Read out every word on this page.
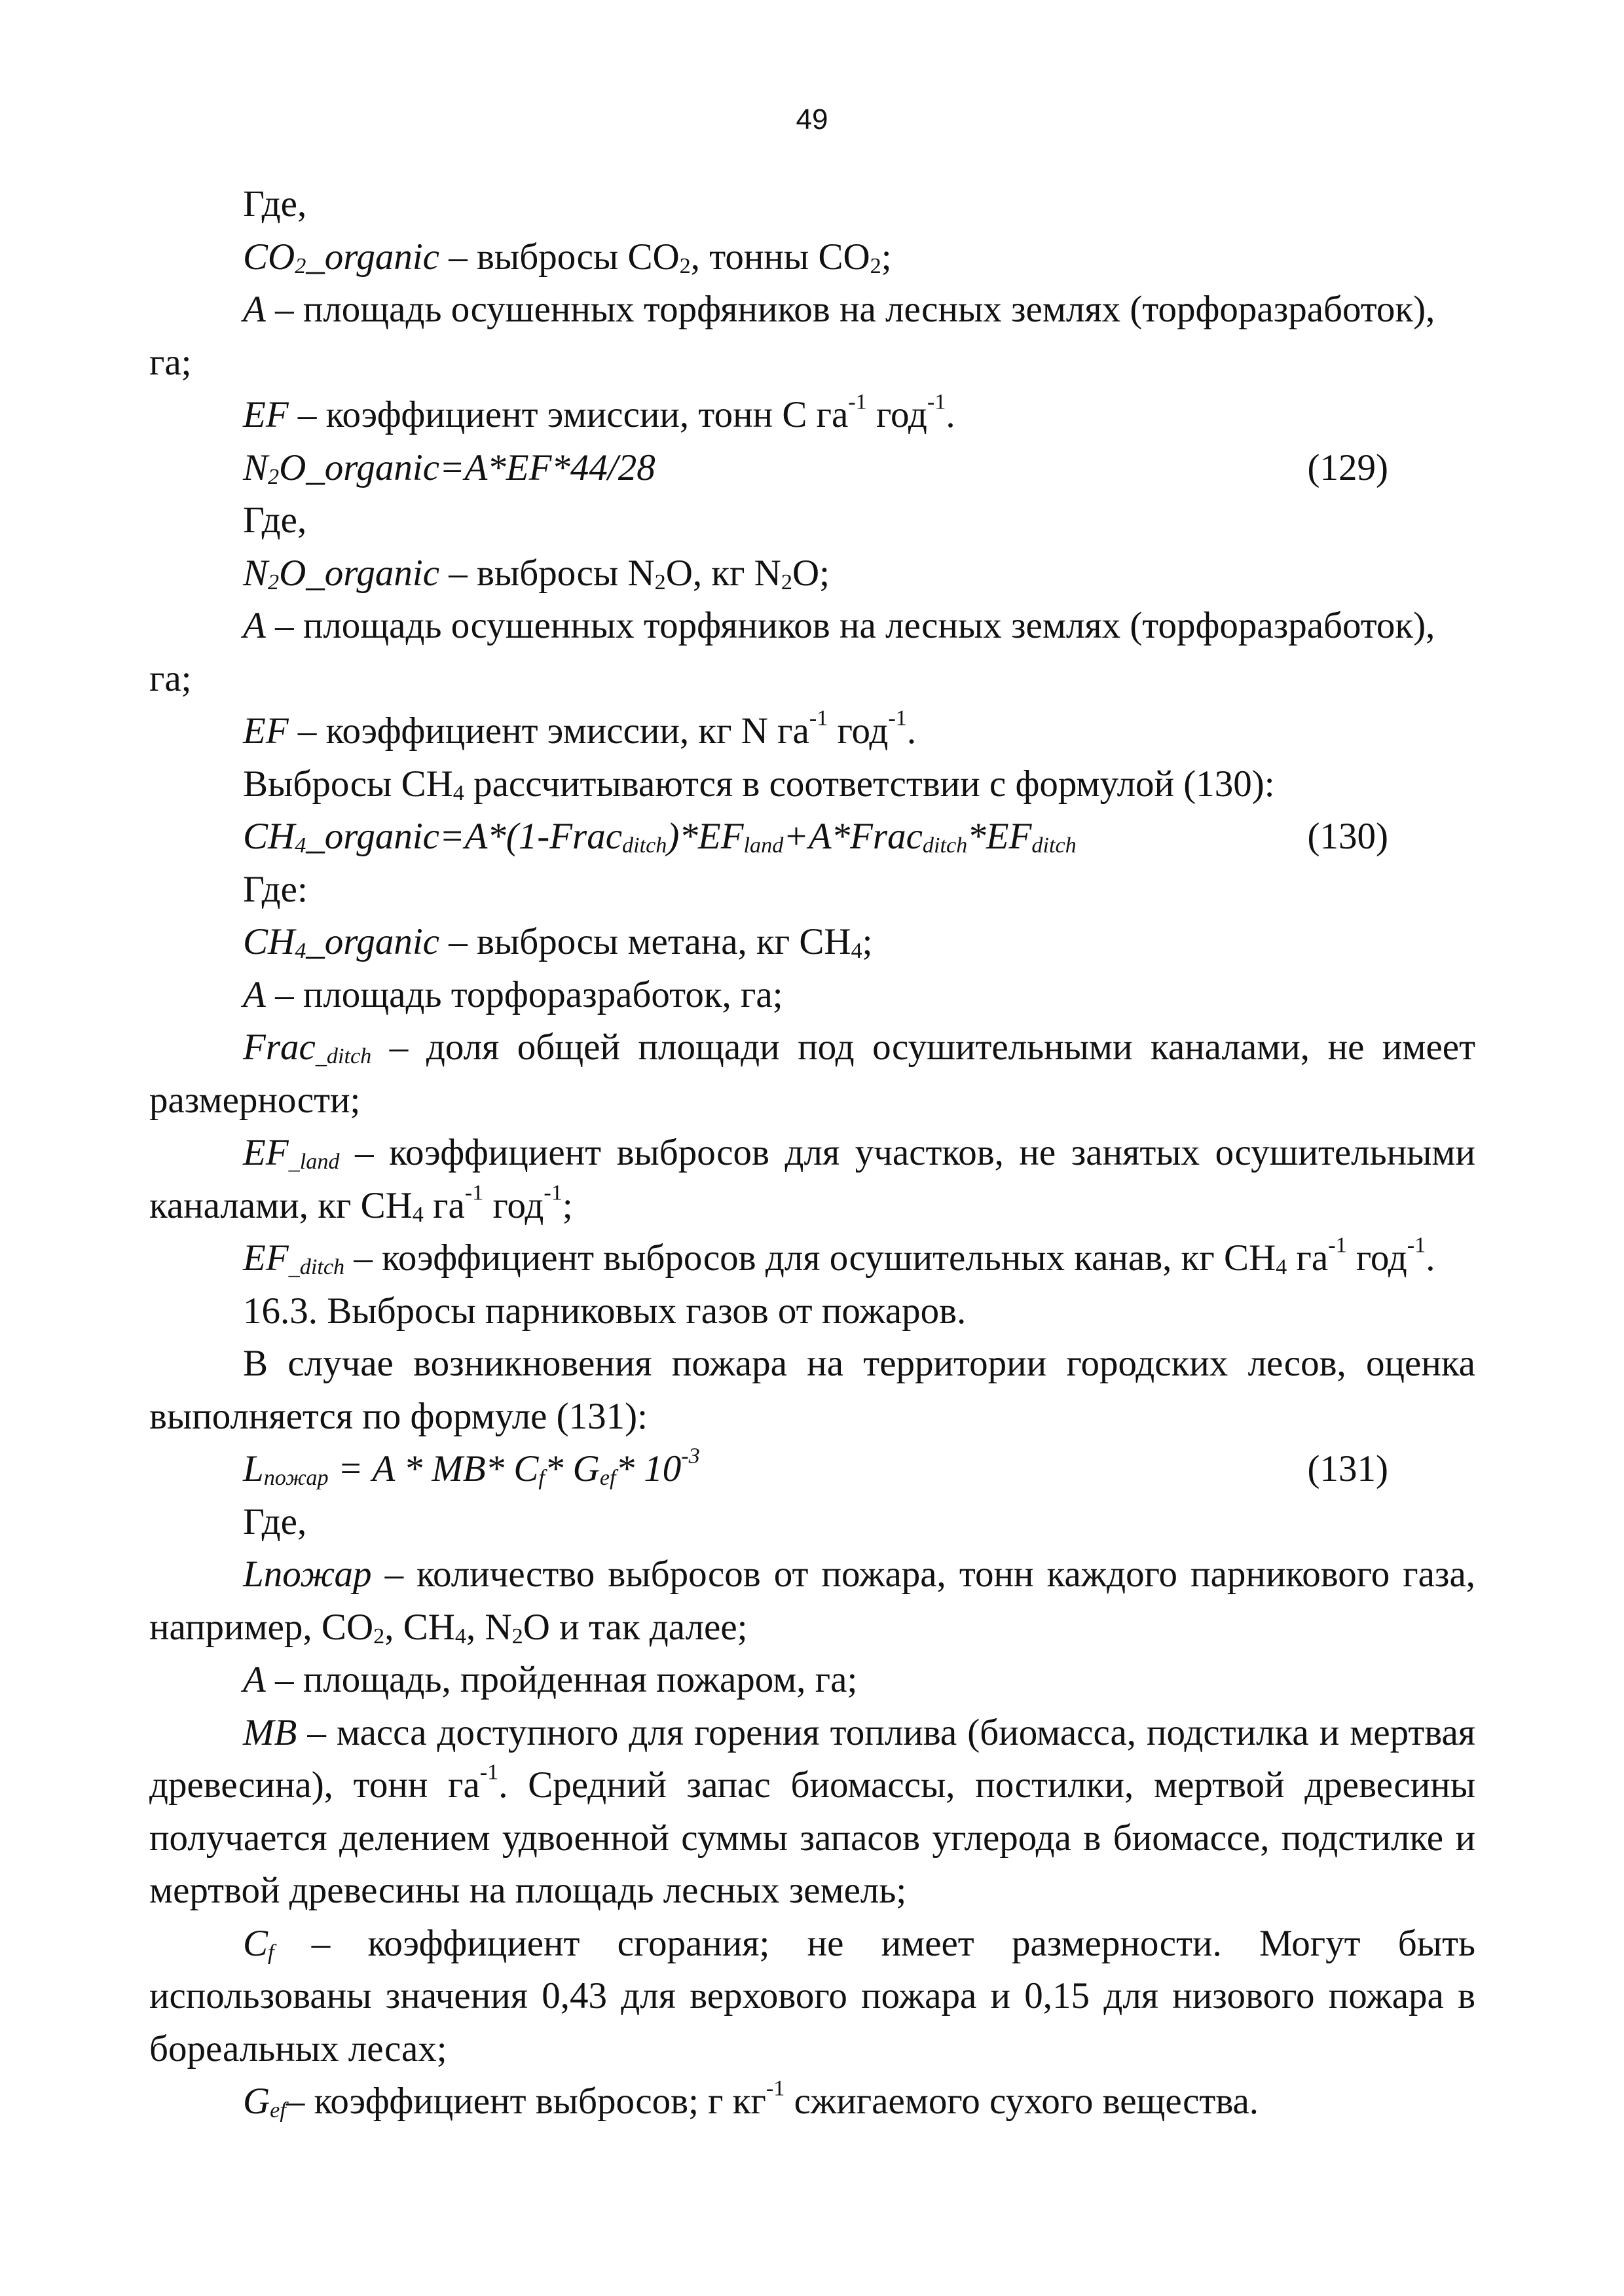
49

Где,

$CO_2\_organic$ – выбросы $CO_2$, тонны $CO_2$;

A – площадь осушенных торфяников на лесных землях (торфоразработок),

га;

EF – коэффициент эмиссии, тонн С $га^{-1}$ год$^{-1}$.

$N_2O\_organic=A*EF*44/28$	(129)

Где,

$N_2O\_organic$ – выбросы $N_2O$, кг $N_2O$;

A – площадь осушенных торфяников на лесных землях (торфоразработок),

га;

EF – коэффициент эмиссии, кг N $га^{-1}$ год$^{-1}$.

Выбросы $CH_4$ рассчитываются в соответствии с формулой (130):

$CH_4\_organic=A*(1-Frac_{ditch})*EF_{land}+A*Frac_{ditch}*EF_{ditch}$	(130)

Где:

$CH_4\_organic$ – выбросы метана, кг $CH_4$;

A – площадь торфоразработок, га;

Frac$_{\_ditch}$ – доля общей площади под осушительными каналами, не имеет

размерности;

$EF_{\_land}$ – коэффициент выбросов для участков, не занятых осушительными

каналами, кг $CH_4$ $га^{-1}$ год$^{-1}$;

$EF_{\_ditch}$ – коэффициент выбросов для осушительных канав, кг $CH_4$ $га^{-1}$ год$^{-1}$.

16.3. Выбросы парниковых газов от пожаров.

В случае возникновения пожара на территории городских лесов, оценка выполняется по формуле (131):

$L_{пожар} = A * MB*$ $C_f*$ $G_{ef}*$ $10^{-3}$	(131)

Где,

Lпожар – количество выбросов от пожара, тонн каждого парникового газа, например, $CO_2$, $CH_4$, $N_2O$ и так далее;

A – площадь, пройденная пожаром, га;

MB – масса доступного для горения топлива (биомасса, подстилка и мертвая древесина), тонн $га^{-1}$. Средний запас биомассы, постилки, мертвой древесины получается делением удвоенной суммы запасов углерода в биомассе, подстилке и мертвой древесины на площадь лесных земель;

$C_f$ – коэффициент сгорания; не имеет размерности. Могут быть использованы значения 0,43 для верхового пожара и 0,15 для низового пожара в бореальных лесах;

$G_{ef}-$ коэффициент выбросов; г $кг^{-1}$ сжигаемого сухого вещества.
